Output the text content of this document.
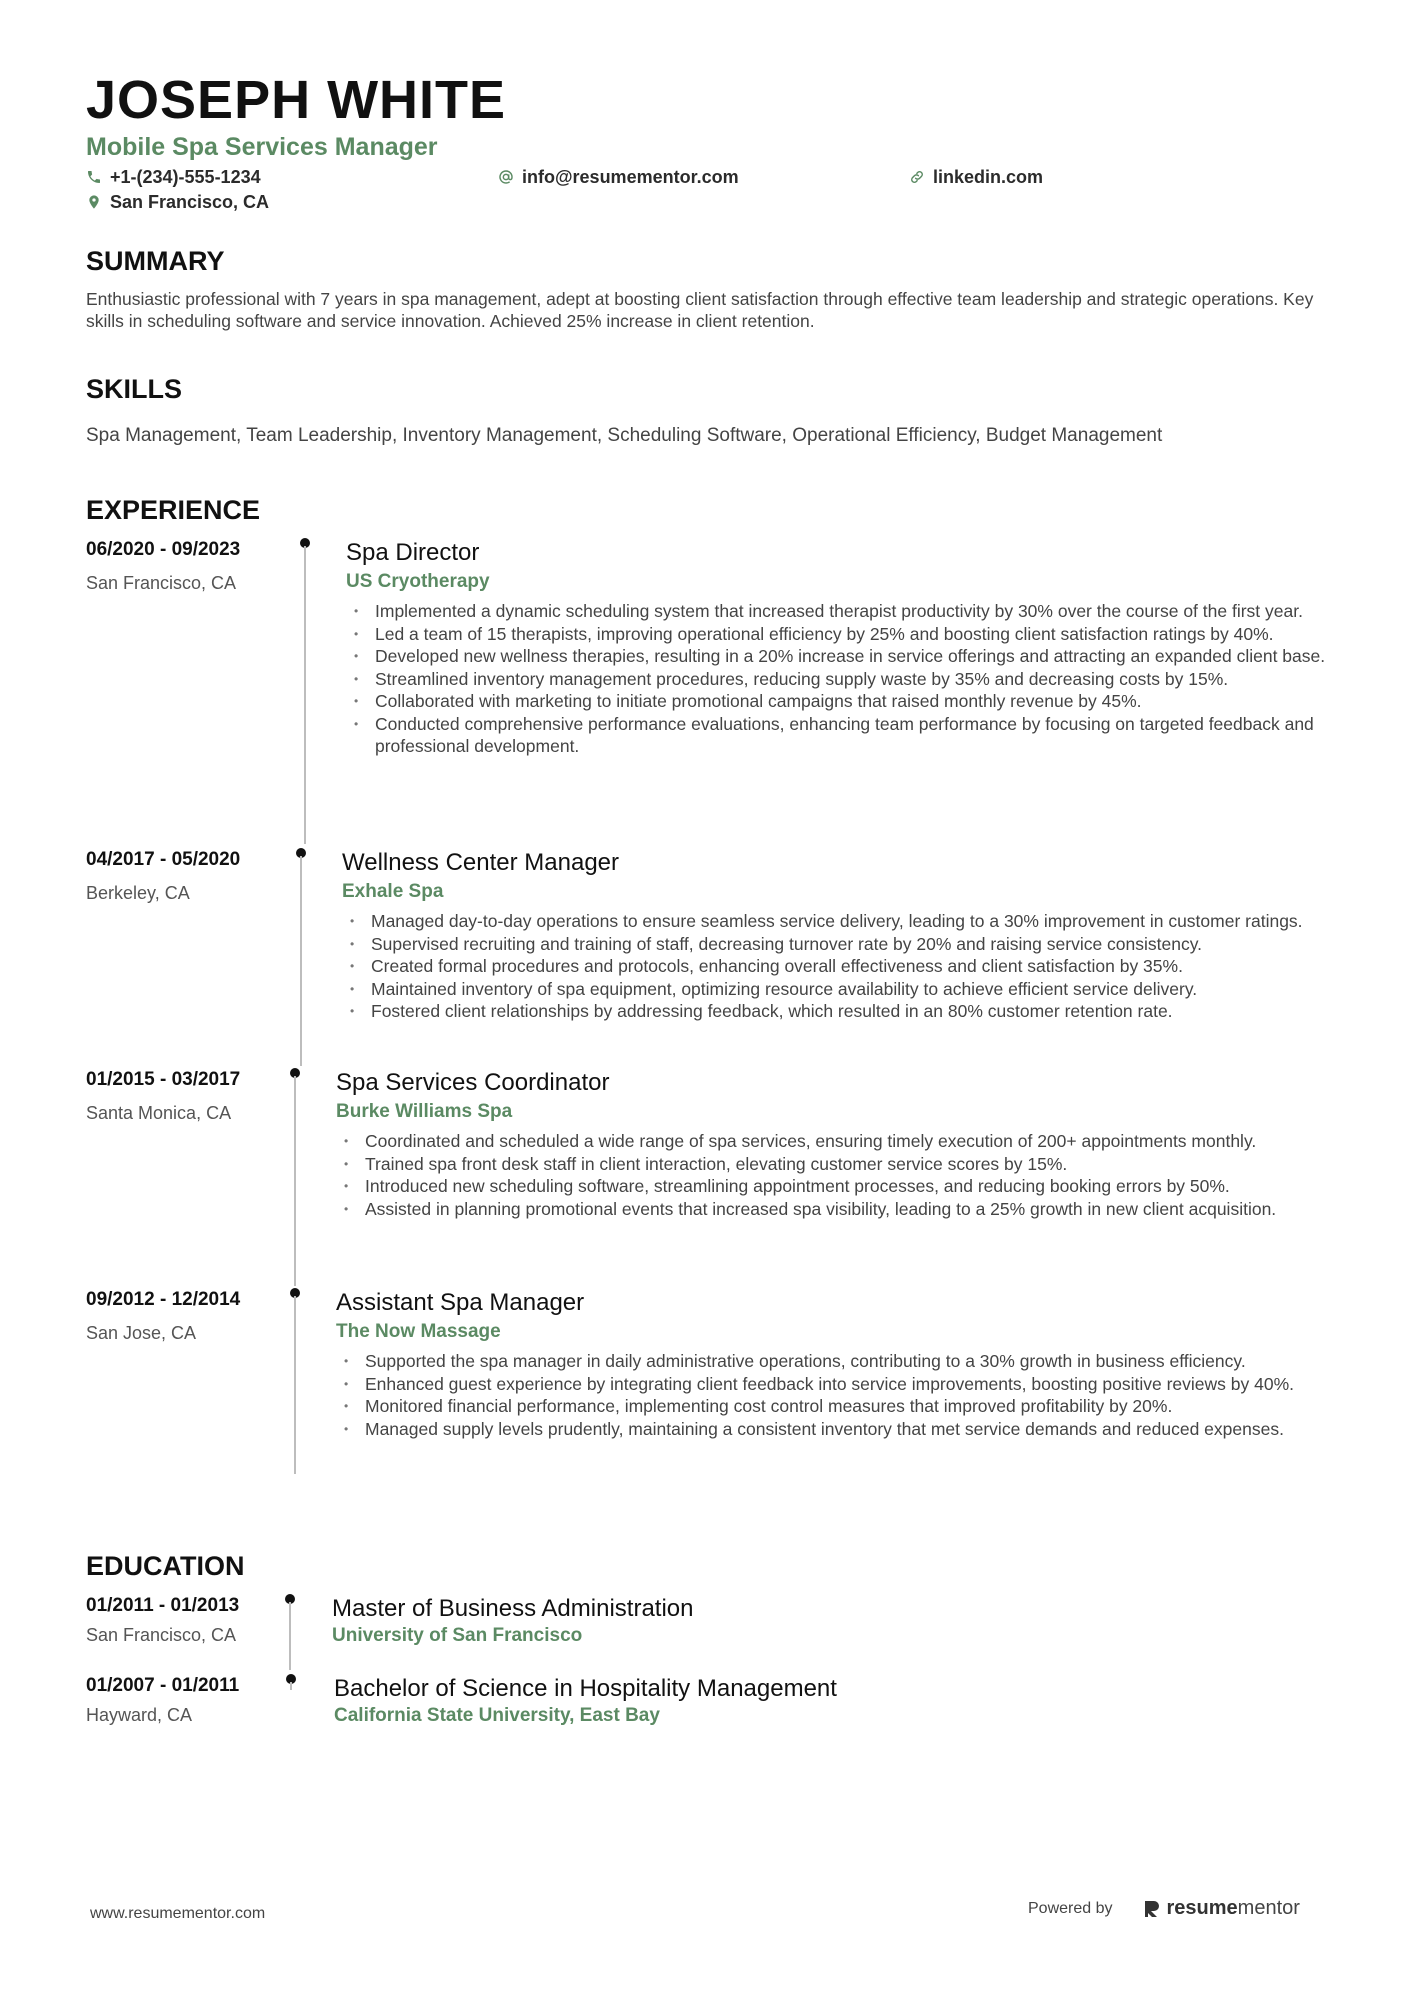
JOSEPH WHITE
Mobile Spa Services Manager
+1-(234)-555-1234	info@resumementor.com	linkedin.com
San Francisco, CA
SUMMARY

Enthusiastic professional with 7 years in spa management, adept at boosting client satisfaction through effective team leadership and strategic operations. Key skills in scheduling software and service innovation. Achieved 25% increase in client retention.

SKILLS

Spa Management, Team Leadership, Inventory Management, Scheduling Software, Operational Efficiency, Budget Management

EXPERIENCE
06/2020 - 09/2023
San Francisco, CA
Spa Director
US Cryotherapy
• Implemented a dynamic scheduling system that increased therapist productivity by 30% over the course of the first year.
• Led a team of 15 therapists, improving operational efficiency by 25% and boosting client satisfaction ratings by 40%.
• Developed new wellness therapies, resulting in a 20% increase in service offerings and attracting an expanded client base.
• Streamlined inventory management procedures, reducing supply waste by 35% and decreasing costs by 15%.
• Collaborated with marketing to initiate promotional campaigns that raised monthly revenue by 45%.
• Conducted comprehensive performance evaluations, enhancing team performance by focusing on targeted feedback and professional development.
04/2017 - 05/2020
Berkeley, CA
Wellness Center Manager
Exhale Spa
• Managed day-to-day operations to ensure seamless service delivery, leading to a 30% improvement in customer ratings.
• Supervised recruiting and training of staff, decreasing turnover rate by 20% and raising service consistency.
• Created formal procedures and protocols, enhancing overall effectiveness and client satisfaction by 35%.
• Maintained inventory of spa equipment, optimizing resource availability to achieve efficient service delivery.
• Fostered client relationships by addressing feedback, which resulted in an 80% customer retention rate.
01/2015 - 03/2017
Santa Monica, CA
Spa Services Coordinator
Burke Williams Spa
• Coordinated and scheduled a wide range of spa services, ensuring timely execution of 200+ appointments monthly.
• Trained spa front desk staff in client interaction, elevating customer service scores by 15%.
• Introduced new scheduling software, streamlining appointment processes, and reducing booking errors by 50%.
• Assisted in planning promotional events that increased spa visibility, leading to a 25% growth in new client acquisition.
09/2012 - 12/2014
San Jose, CA
Assistant Spa Manager
The Now Massage
• Supported the spa manager in daily administrative operations, contributing to a 30% growth in business efficiency.
• Enhanced guest experience by integrating client feedback into service improvements, boosting positive reviews by 40%.
• Monitored financial performance, implementing cost control measures that improved profitability by 20%.
• Managed supply levels prudently, maintaining a consistent inventory that met service demands and reduced expenses.
EDUCATION
01/2011 - 01/2013
San Francisco, CA
Master of Business Administration
University of San Francisco
01/2007 - 01/2011
Hayward, CA
Bachelor of Science in Hospitality Management
California State University, East Bay
www.resumementor.com	Powered by	resumementor
